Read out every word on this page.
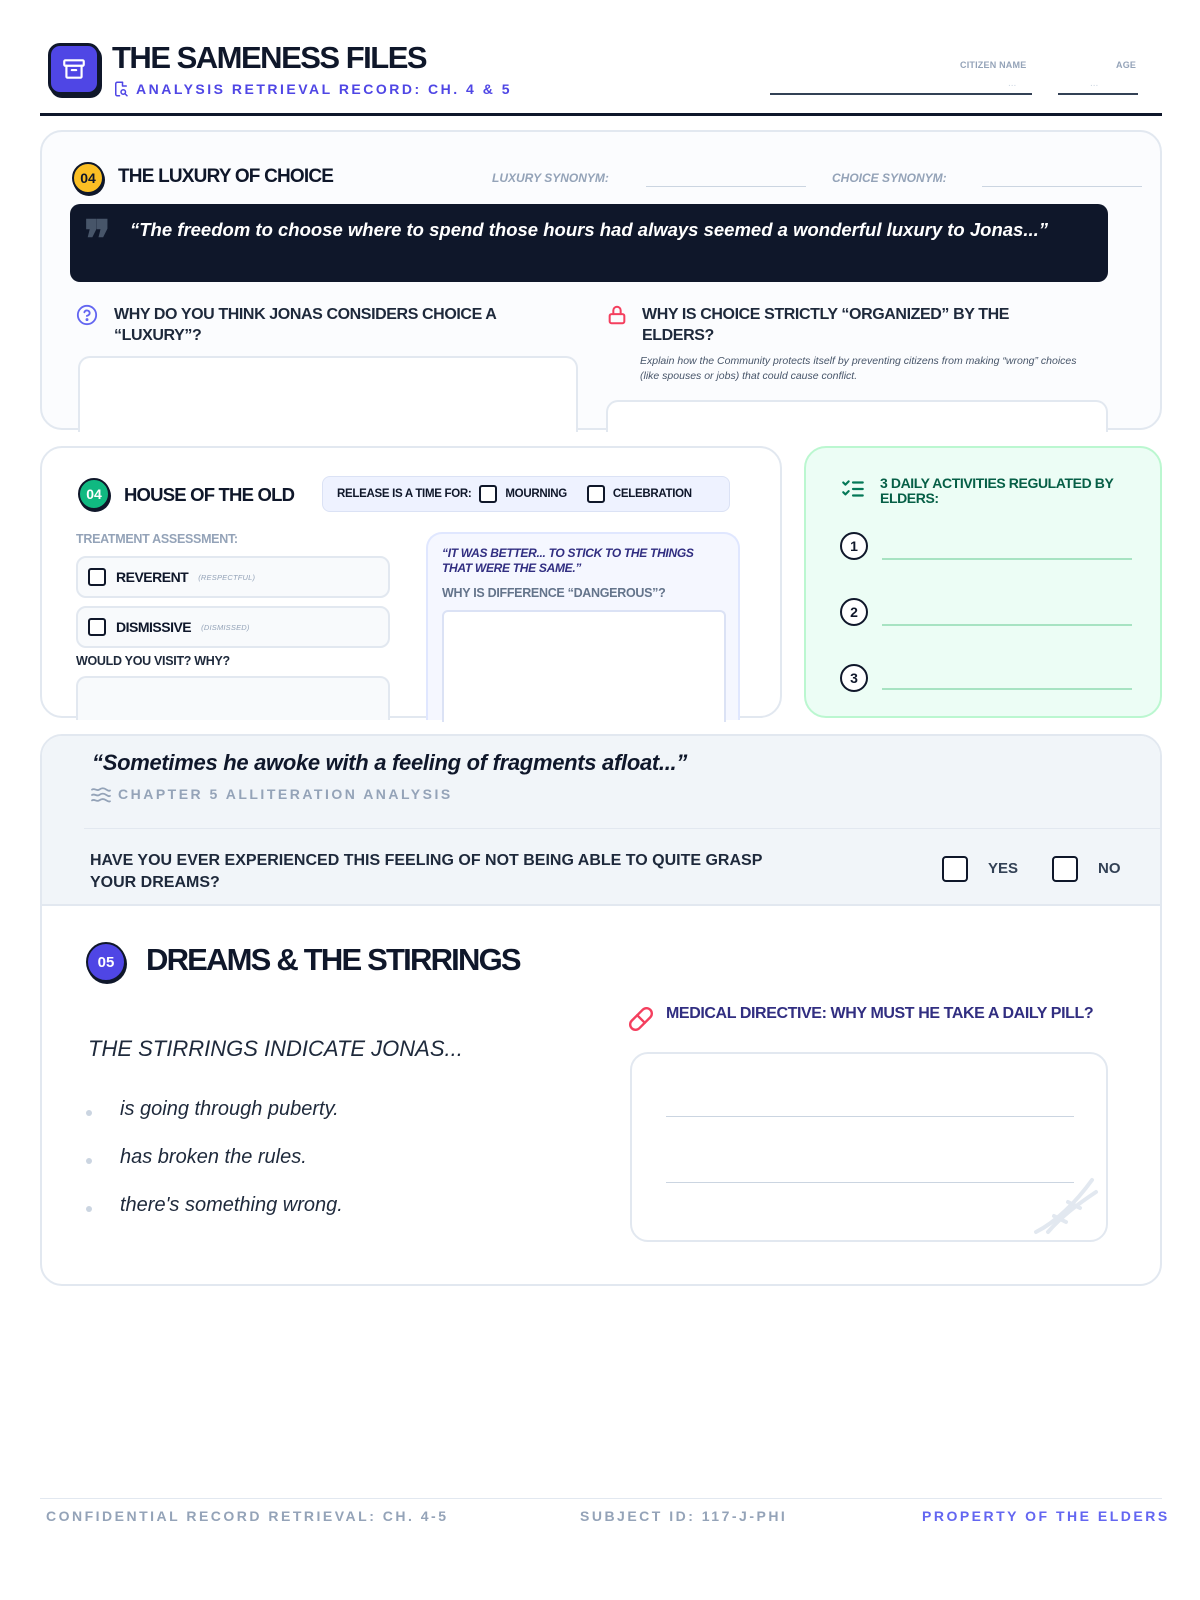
THE SAMENESS FILES
ANALYSIS RETRIEVAL RECORD: CH. 4 & 5
CITIZEN NAME
...
AGE
...
04	THE LUXURY OF CHOICE	LUXURY SYNONYM:	CHOICE SYNONYM:
❞ “The freedom to choose where to spend those hours had always seemed a wonderful luxury to Jonas...”
WHY DO YOU THINK JONAS CONSIDERS CHOICE A “LUXURY”?
WHY IS CHOICE STRICTLY “ORGANIZED” BY THE ELDERS?
Explain how the Community protects itself by preventing citizens from making “wrong” choices (like spouses or jobs) that could cause conflict.
04	HOUSE OF THE OLD	RELEASE IS A TIME FOR:	MOURNING	CELEBRATION
TREATMENT ASSESSMENT:
REVERENT (RESPECTFUL)
DISMISSIVE (DISMISSED)
WOULD YOU VISIT? WHY?
“IT WAS BETTER... TO STICK TO THE THINGS THAT WERE THE SAME.”
WHY IS DIFFERENCE “DANGEROUS”?
3 DAILY ACTIVITIES REGULATED BY ELDERS:
1
2
3
“Sometimes he awoke with a feeling of fragments afloat...”
CHAPTER 5 ALLITERATION ANALYSIS
HAVE YOU EVER EXPERIENCED THIS FEELING OF NOT BEING ABLE TO QUITE GRASP YOUR DREAMS?
YES	NO
05	DREAMS & THE STIRRINGS
THE STIRRINGS INDICATE JONAS...
is going through puberty.
has broken the rules.
there's something wrong.
MEDICAL DIRECTIVE: WHY MUST HE TAKE A DAILY PILL?
CONFIDENTIAL RECORD RETRIEVAL: CH. 4-5	SUBJECT ID: 117-J-PHI	PROPERTY OF THE ELDERS
